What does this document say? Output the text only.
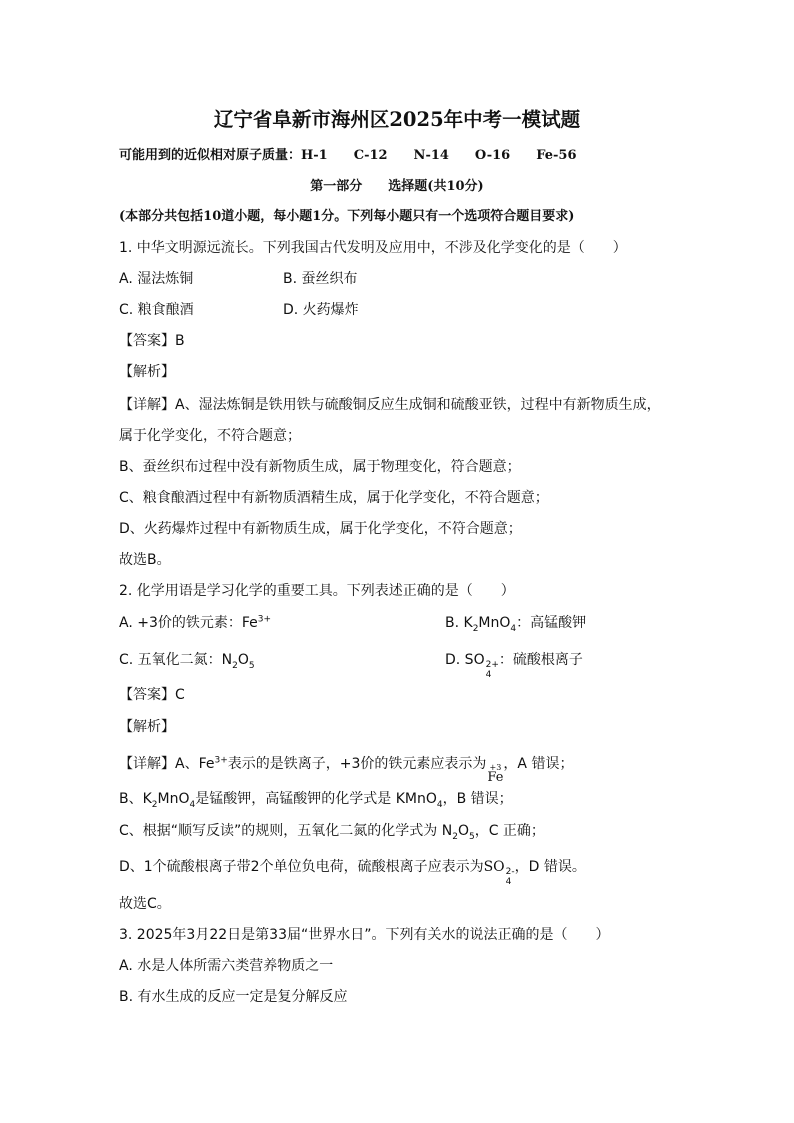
辽宁省阜新市海州区2025年中考一模试题
可能用到的近似相对原子质量：H-1　　C-12　　N-14　　O-16　　Fe-56
第一部分　　选择题(共10分)
(本部分共包括10道小题，每小题1分。下列每小题只有一个选项符合题目要求)
1. 中华文明源远流长。下列我国古代发明及应用中，不涉及化学变化的是（　　）
A. 湿法炼铜	B. 蚕丝织布
C. 粮食酿酒	D. 火药爆炸
【答案】B
【解析】
【详解】A、湿法炼铜是铁用铁与硫酸铜反应生成铜和硫酸亚铁，过程中有新物质生成，
属于化学变化，不符合题意；
B、蚕丝织布过程中没有新物质生成，属于物理变化，符合题意；
C、粮食酿酒过程中有新物质酒精生成，属于化学变化，不符合题意；
D、火药爆炸过程中有新物质生成，属于化学变化，不符合题意；
故选B。
2. 化学用语是学习化学的重要工具。下列表述正确的是（　　）
A. +3价的铁元素：$Fe^{3+}$	B. $K_2MnO_4$：高锰酸钾
C. 五氧化二氮：$N_2O_5$	D. SO 2+
4
：硫酸根离子
【答案】C
【解析】
【详解】A、$Fe^{3+}$表示的是铁离子，+3价的铁元素应表示为 +3
Fe
，A 错误；
B、$K_2MnO_4$是锰酸钾，高锰酸钾的化学式是 KMnO$_4$，B 错误；
C、根据“顺写反读”的规则，五氧化二氮的化学式为 $N_2O_5$，C 正确；
D、1个硫酸根离子带2个单位负电荷，硫酸根离子应表示为SO 2-
4
，D 错误。
故选C。
3. 2025年3月22日是第33届“世界水日”。下列有关水的说法正确的是（　　）
A. 水是人体所需六类营养物质之一
B. 有水生成的反应一定是复分解反应
